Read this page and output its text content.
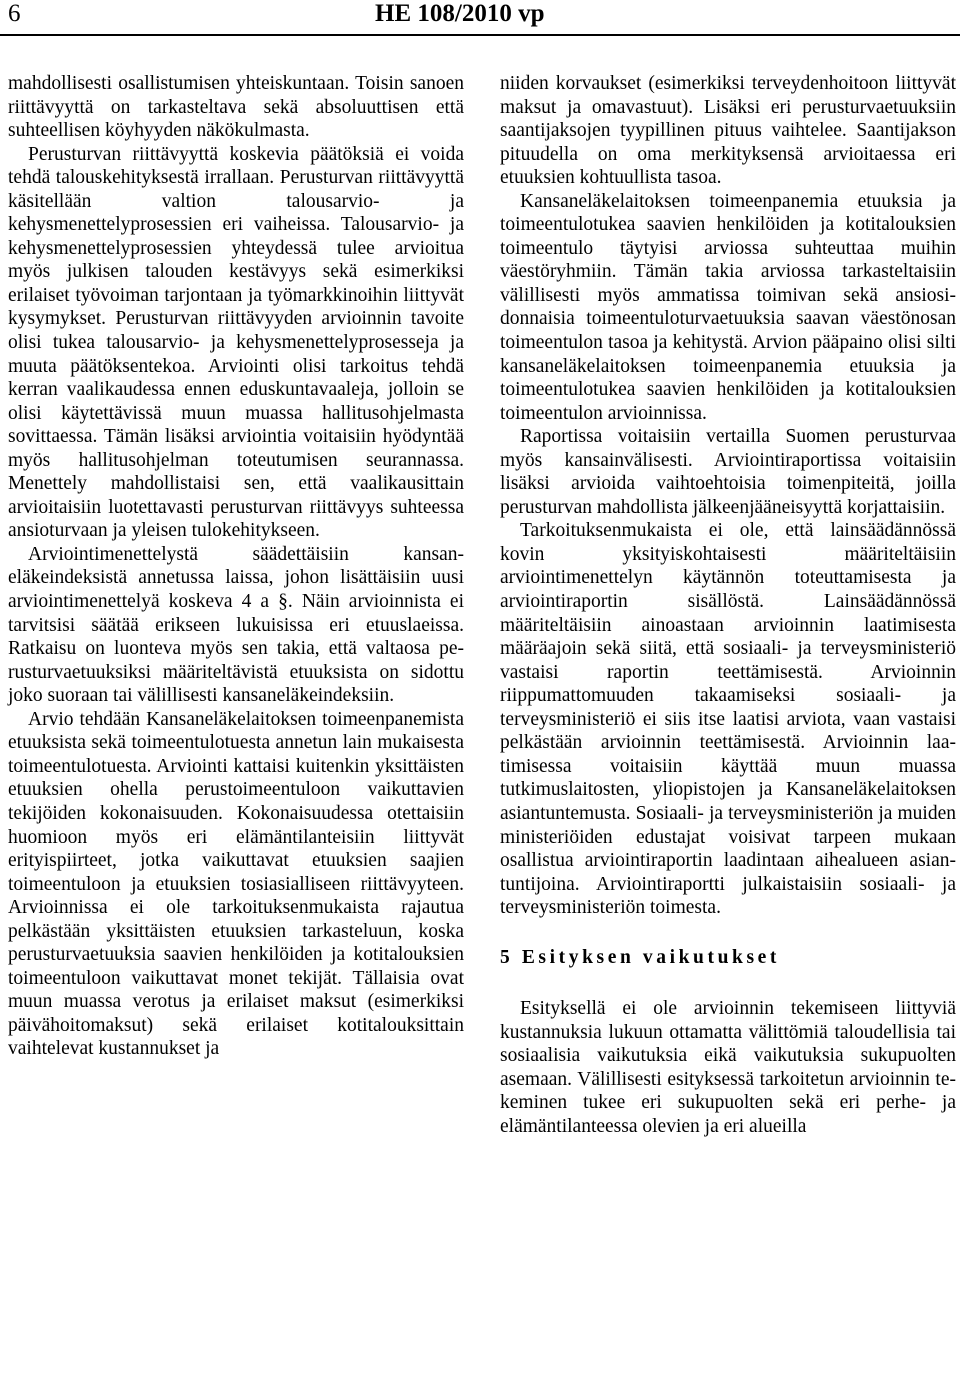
6	HE 108/2010 vp

mahdollisesti osallistumisen yhteiskuntaan. Toisin sanoen riittävyyttä on tarkasteltava sekä absoluuttisen että suhteellisen köyhyyden näkökulmasta.

Perusturvan riittävyyttä koskevia päätöksiä ei voida tehdä talouskehityksestä irrallaan. Perusturvan riittävyyttä käsitellään valtion talousarvio- ja kehysmenettelyprosessien eri vaiheissa. Talousarvio- ja kehysmenettelyprosessien yhteydessä tulee arvioitua myös julkisen talouden kestävyys sekä esimerkiksi erilaiset työvoiman tarjontaan ja työmarkkinoihin liittyvät kysymykset. Perusturvan riittävyyden arvioinnin tavoite olisi tukea talousarvio- ja kehysmenettelyprosesseja ja muuta päätöksentekoa. Arviointi olisi tarkoitus tehdä kerran vaalikaudessa ennen eduskuntavaaleja, jolloin se olisi käytettävissä muun muassa hallitusohjelmasta sovittaessa. Tämän lisäksi arviointia voitaisiin hyödyntää myös hallitusohjelman toteutumisen seurannassa. Menettely mahdollistaisi sen, että vaalikausittain arvioitaisiin luotettavasti perusturvan riittävyys suhteessa ansioturvaan ja yleisen tulokehitykseen.

Arviointimenettelystä säädettäisiin kansaneläkeindeksistä annetussa laissa, johon lisättäisiin uusi arviointimenettelyä koskeva 4 a §. Näin arvioinnista ei tarvitsisi säätää erikseen lukuisissa eri etuuslaeissa. Ratkaisu on luonteva myös sen takia, että valtaosa perusturvaetuuksiksi määriteltävistä etuuksista on sidottu joko suoraan tai välillisesti kansaneläkeindeksiin.

Arvio tehdään Kansaneläkelaitoksen toimeenpanemista etuuksista sekä toimeentulotuesta annetun lain mukaisesta toimeentulotuesta. Arviointi kattaisi kuitenkin yksittäisten etuuksien ohella perustoimeentuloon vaikuttavien tekijöiden kokonaisuuden. Kokonaisuudessa otettaisiin huomioon myös eri elämäntilanteisiin liittyvät erityispiirteet, jotka vaikuttavat etuuksien saajien toimeentuloon ja etuuksien tosiasialliseen riittävyyteen. Arvioinnissa ei ole tarkoituksenmukaista rajautua pelkästään yksittäisten etuuksien tarkasteluun, koska perusturvaetuuksia saavien henkilöiden ja kotitalouksien toimeentuloon vaikuttavat monet tekijät. Tällaisia ovat muun muassa verotus ja erilaiset maksut (esimerkiksi päivähoitomaksut) sekä erilaiset kotitalouksittain vaihtelevat kustannukset ja

niiden korvaukset (esimerkiksi terveydenhoitoon liittyvät maksut ja omavastuut). Lisäksi eri perusturvaetuuksiin saantijaksojen tyypillinen pituus vaihtelee. Saantijakson pituudella on oma merkityksensä arvioitaessa eri etuuksien kohtuullista tasoa.

Kansaneläkelaitoksen toimeenpanemia etuuksia ja toimeentulotukea saavien henkilöiden ja kotitalouksien toimeentulo täytyisi arviossa suhteuttaa muihin väestöryhmiin. Tämän takia arviossa tarkasteltaisiin välillisesti myös ammatissa toimivan sekä ansiosidonnaisia toimeentuloturvaetuuksia saavan väestönosan toimeentulon tasoa ja kehitystä. Arvion pääpaino olisi silti kansaneläkelaitoksen toimeenpanemia etuuksia ja toimeentulotukea saavien henkilöiden ja kotitalouksien toimeentulon arvioinnissa.

Raportissa voitaisiin vertailla Suomen perusturvaa myös kansainvälisesti. Arviointiraportissa voitaisiin lisäksi arvioida vaihtoehtoisia toimenpiteitä, joilla perusturvan mahdollista jälkeenjääneisyyttä korjattaisiin.

Tarkoituksenmukaista ei ole, että lainsäädännössä kovin yksityiskohtaisesti määriteltäisiin arviointimenettelyn käytännön toteuttamisesta ja arviointiraportin sisällöstä. Lainsäädännössä määriteltäisiin ainoastaan arvioinnin laatimisesta määräajoin sekä siitä, että sosiaali- ja terveysministeriö vastaisi raportin teettämisestä. Arvioinnin riippumattomuuden takaamiseksi sosiaali- ja terveysministeriö ei siis itse laatisi arviota, vaan vastaisi pelkästään arvioinnin teettämisestä. Arvioinnin laatimisessa voitaisiin käyttää muun muassa tutkimuslaitosten, yliopistojen ja Kansaneläkelaitoksen asiantuntemusta. Sosiaali- ja terveysministeriön ja muiden ministeriöiden edustajat voisivat tarpeen mukaan osallistua arviointiraportin laadintaan aihealueen asiantuntijoina. Arviointiraportti julkaistaisiin sosiaali- ja terveysministeriön toimesta.

5 Esityksen vaikutukset

Esityksellä ei ole arvioinnin tekemiseen liittyviä kustannuksia lukuun ottamatta välittömiä taloudellisia tai sosiaalisia vaikutuksia eikä vaikutuksia sukupuolten asemaan. Välillisesti esityksessä tarkoitetun arvioinnin tekeminen tukee eri sukupuolten sekä eri perhe- ja elämäntilanteessa olevien ja eri alueilla
